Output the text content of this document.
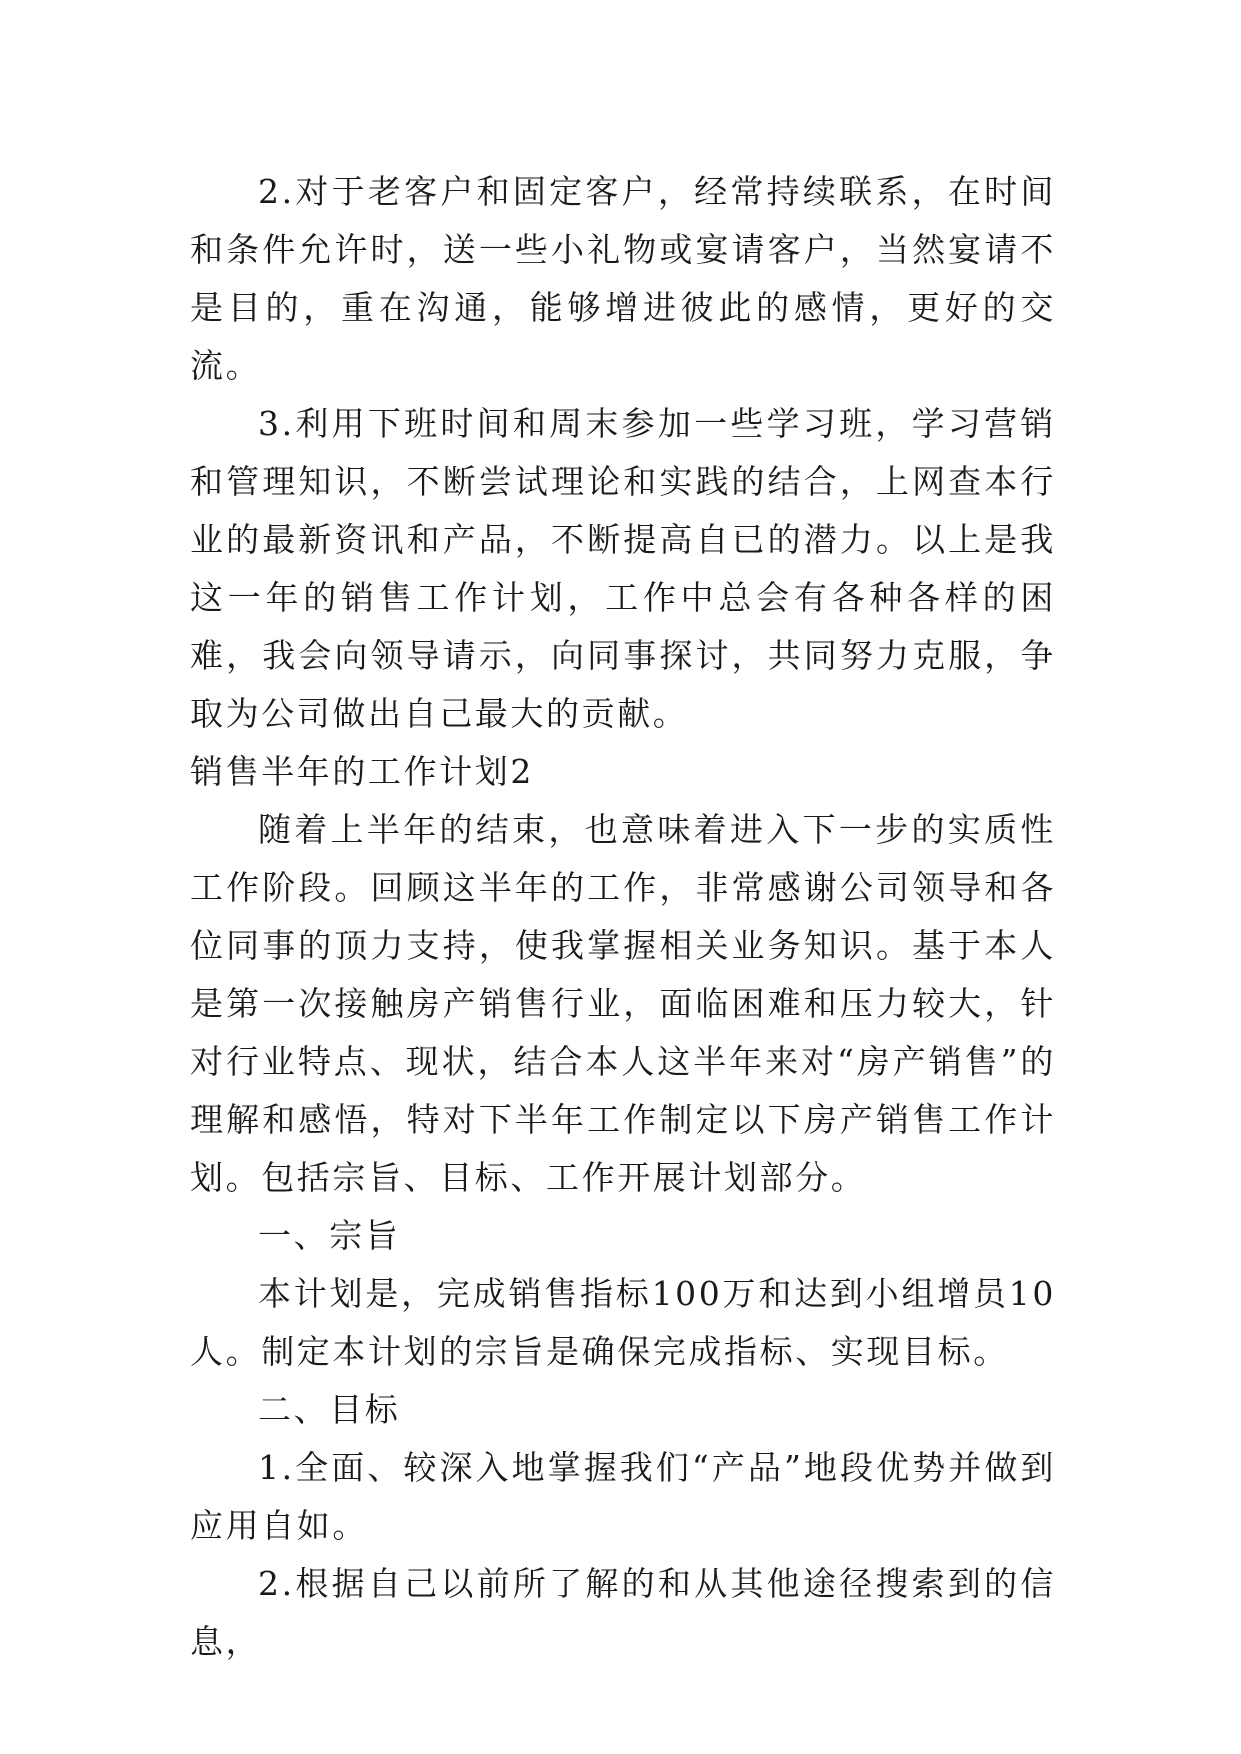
2.对于老客户和固定客户，经常持续联系，在时间和条件允许时，送一些小礼物或宴请客户，当然宴请不是目的，重在沟通，能够增进彼此的感情，更好的交流。

3.利用下班时间和周末参加一些学习班，学习营销和管理知识，不断尝试理论和实践的结合，上网查本行业的最新资讯和产品，不断提高自已的潜力。以上是我这一年的销售工作计划，工作中总会有各种各样的困难，我会向领导请示，向同事探讨，共同努力克服，争取为公司做出自己最大的贡献。

销售半年的工作计划2

随着上半年的结束，也意味着进入下一步的实质性工作阶段。回顾这半年的工作，非常感谢公司领导和各位同事的顶力支持，使我掌握相关业务知识。基于本人是第一次接触房产销售行业，面临困难和压力较大，针对行业特点、现状，结合本人这半年来对“房产销售”的理解和感悟，特对下半年工作制定以下房产销售工作计划。包括宗旨、目标、工作开展计划部分。

一、宗旨

本计划是，完成销售指标100万和达到小组增员10人。制定本计划的宗旨是确保完成指标、实现目标。

二、目标

1.全面、较深入地掌握我们“产品”地段优势并做到应用自如。

2.根据自己以前所了解的和从其他途径搜索到的信息，
